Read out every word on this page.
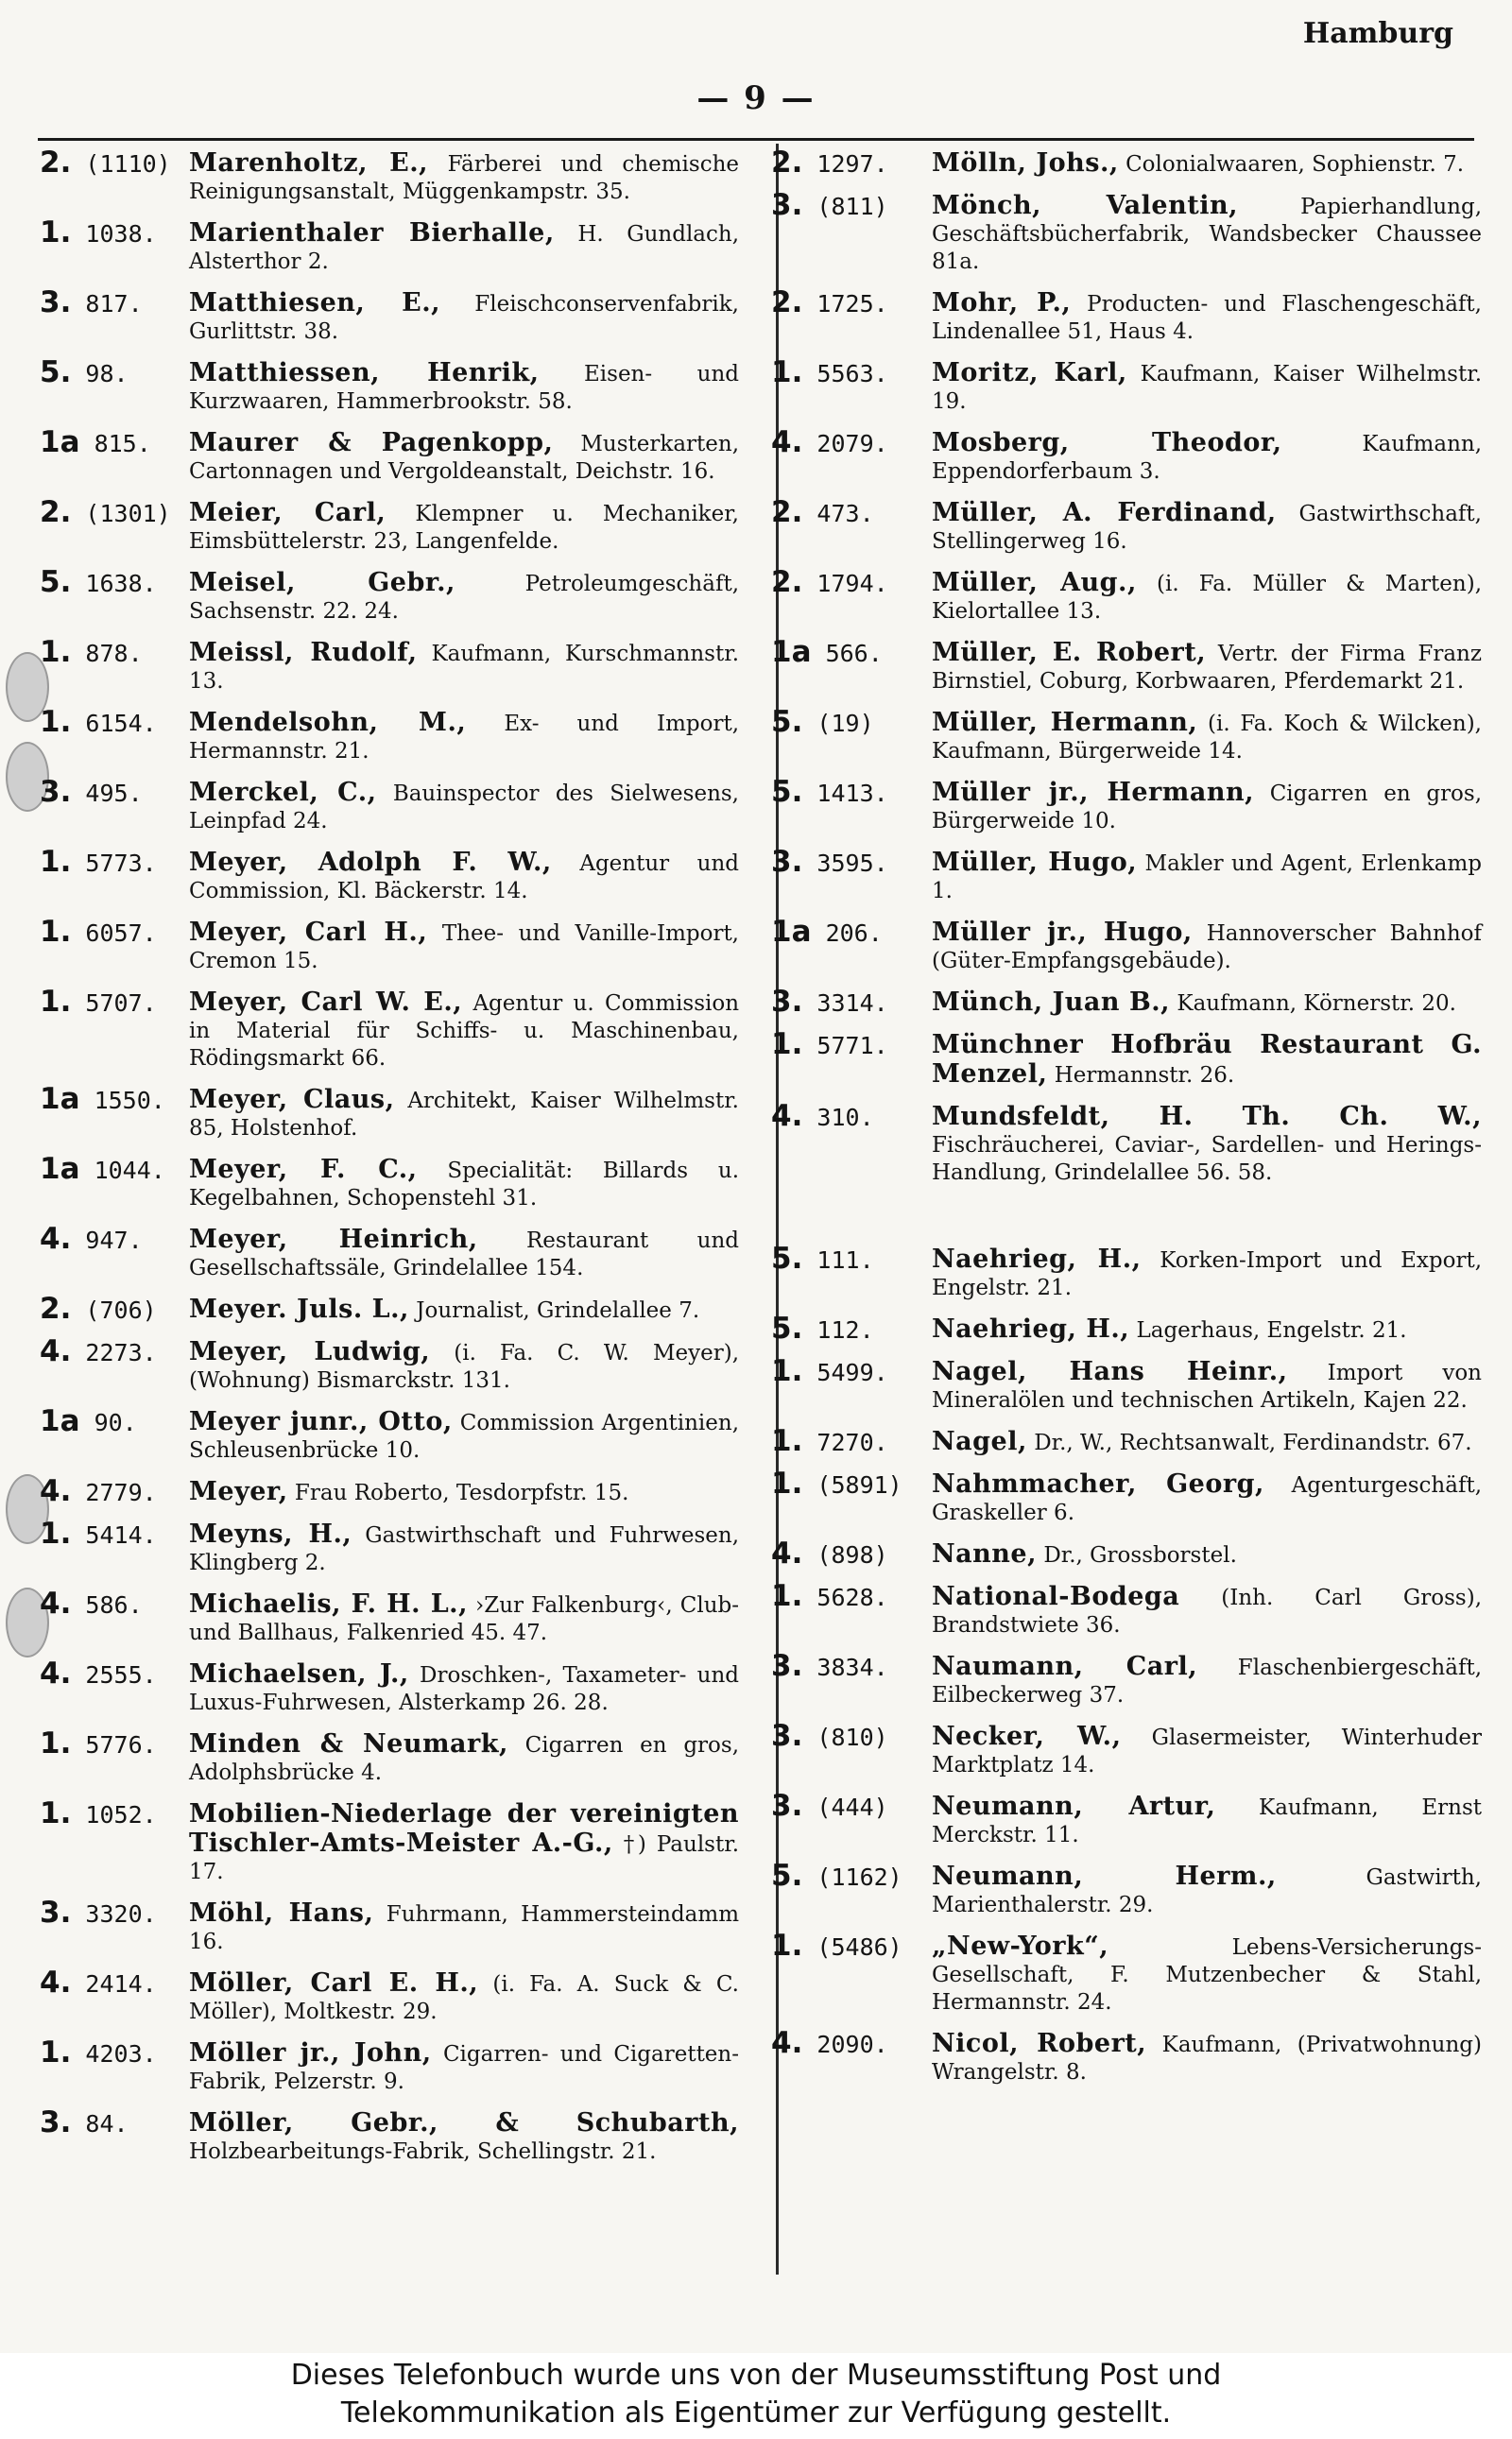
Hamburg
— 9 —
2. (1110) Marenholtz, E., Färberei und chemische Reinigungsanstalt, Müggenkampstr. 35.
1. 1038. Marienthaler Bierhalle, H. Gundlach, Alsterthor 2.
3. 817. Matthiesen, E., Fleischconservenfabrik, Gurlittstr. 38.
5. 98. Matthiessen, Henrik, Eisen- und Kurzwaaren, Hammerbrookstr. 58.
1a 815. Maurer & Pagenkopp, Musterkarten, Cartonnagen und Vergoldeanstalt, Deichstr. 16.
2. (1301) Meier, Carl, Klempner u. Mechaniker, Eimsbüttelerstr. 23, Langenfelde.
5. 1638. Meisel, Gebr.,	Petroleumgeschäft, Sachsenstr. 22. 24.
1. 878. Meissl, Rudolf, Kaufmann, Kurschmannstr. 13.
1. 6154. Mendelsohn, M., Ex- und Import, Hermannstr. 21.
3. 495. Merckel, C., Bauinspector des Sielwesens, Leinpfad 24.
1. 5773. Meyer, Adolph F. W., Agentur und Commission, Kl. Bäckerstr. 14.
1. 6057. Meyer, Carl H., Thee- und Vanille-Import, Cremon 15.
1. 5707. Meyer, Carl W. E., Agentur u. Commission in Material für Schiffs- u. Maschinenbau, Rödingsmarkt 66.
1a 1550. Meyer, Claus, Architekt, Kaiser Wilhelmstr. 85, Holstenhof.
1a 1044. Meyer, F. C., Specialität: Billards u. Kegelbahnen, Schopenstehl 31.
4. 947. Meyer, Heinrich, Restaurant und Gesellschaftssäle, Grindelallee 154.
2. (706) Meyer. Juls. L., Journalist, Grindelallee 7.
4. 2273. Meyer, Ludwig, (i. Fa. C. W. Meyer), (Wohnung) Bismarckstr. 131.
1a 90. Meyer junr., Otto, Commission Argentinien, Schleusenbrücke 10.
4. 2779. Meyer, Frau Roberto, Tesdorpfstr. 15.
1. 5414. Meyns, H., Gastwirthschaft und Fuhrwesen, Klingberg 2.
4. 586. Michaelis, F. H. L., ›Zur Falkenburg‹, Club- und Ballhaus, Falkenried 45. 47.
4. 2555. Michaelsen, J., Droschken-, Taxameter- und Luxus-Fuhrwesen, Alsterkamp 26. 28.
1. 5776. Minden & Neumark, Cigarren en gros, Adolphsbrücke 4.
1. 1052. Mobilien-Niederlage der vereinigten Tischler-Amts-Meister A.-G., †) Paulstr. 17.
3. 3320. Möhl, Hans, Fuhrmann, Hammersteindamm 16.
4. 2414. Möller, Carl E. H., (i. Fa. A. Suck & C. Möller), Moltkestr. 29.
1. 4203. Möller jr., John, Cigarren- und Cigaretten-Fabrik, Pelzerstr. 9.
3. 84. Möller, Gebr., & Schubarth, Holzbearbeitungs-Fabrik, Schellingstr. 21.
2. 1297. Mölln, Johs., Colonialwaaren, Sophienstr. 7.
3. (811) Mönch, Valentin,	Papierhandlung, Geschäftsbücherfabrik, Wandsbecker Chaussee 81a.
2. 1725. Mohr, P., Producten- und Flaschengeschäft, Lindenallee 51, Haus 4.
1. 5563. Moritz, Karl, Kaufmann, Kaiser Wilhelmstr. 19.
4. 2079. Mosberg, Theodor,	Kaufmann, Eppendorferbaum 3.
2. 473. Müller, A. Ferdinand, Gastwirthschaft, Stellingerweg 16.
2. 1794. Müller, Aug., (i. Fa. Müller & Marten), Kielortallee 13.
1a 566. Müller, E. Robert, Vertr. der Firma Franz Birnstiel, Coburg, Korbwaaren, Pferdemarkt 21.
5. (19) Müller, Hermann, (i. Fa. Koch & Wilcken), Kaufmann, Bürgerweide 14.
5. 1413. Müller jr., Hermann, Cigarren en gros, Bürgerweide 10.
3. 3595. Müller, Hugo, Makler und Agent, Erlenkamp 1.
1a 206. Müller jr., Hugo, Hannoverscher Bahnhof (Güter-Empfangsgebäude).
3. 3314. Münch, Juan B., Kaufmann, Körnerstr. 20.
1. 5771. Münchner Hofbräu Restaurant G. Menzel, Hermannstr. 26.
4. 310. Mundsfeldt, H. Th. Ch. W., Fischräucherei, Caviar-, Sardellen- und Herings-Handlung, Grindelallee 56. 58.
5. 111. Naehrieg, H., Korken-Import und Export, Engelstr. 21.
5. 112. Naehrieg, H., Lagerhaus, Engelstr. 21.
1. 5499. Nagel, Hans Heinr., Import von Mineralölen und technischen Artikeln, Kajen 22.
1. 7270. Nagel, Dr., W., Rechtsanwalt, Ferdinandstr. 67.
1. (5891) Nahmmacher, Georg, Agenturgeschäft, Graskeller 6.
4. (898) Nanne, Dr., Grossborstel.
1. 5628. National-Bodega (Inh. Carl Gross), Brandstwiete 36.
3. 3834. Naumann, Carl, Flaschenbiergeschäft, Eilbeckerweg 37.
3. (810) Necker, W., Glasermeister, Winterhuder Marktplatz 14.
3. (444) Neumann, Artur, Kaufmann, Ernst Merckstr. 11.
5. (1162) Neumann, Herm.,	Gastwirth, Marienthalerstr. 29.
1. (5486) „New-York“,	Lebens-Versicherungs-Gesellschaft, F. Mutzenbecher & Stahl, Hermannstr. 24.
4. 2090. Nicol, Robert, Kaufmann, (Privatwohnung) Wrangelstr. 8.
Dieses Telefonbuch wurde uns von der Museumsstiftung Post und
Telekommunikation als Eigentümer zur Verfügung gestellt.
